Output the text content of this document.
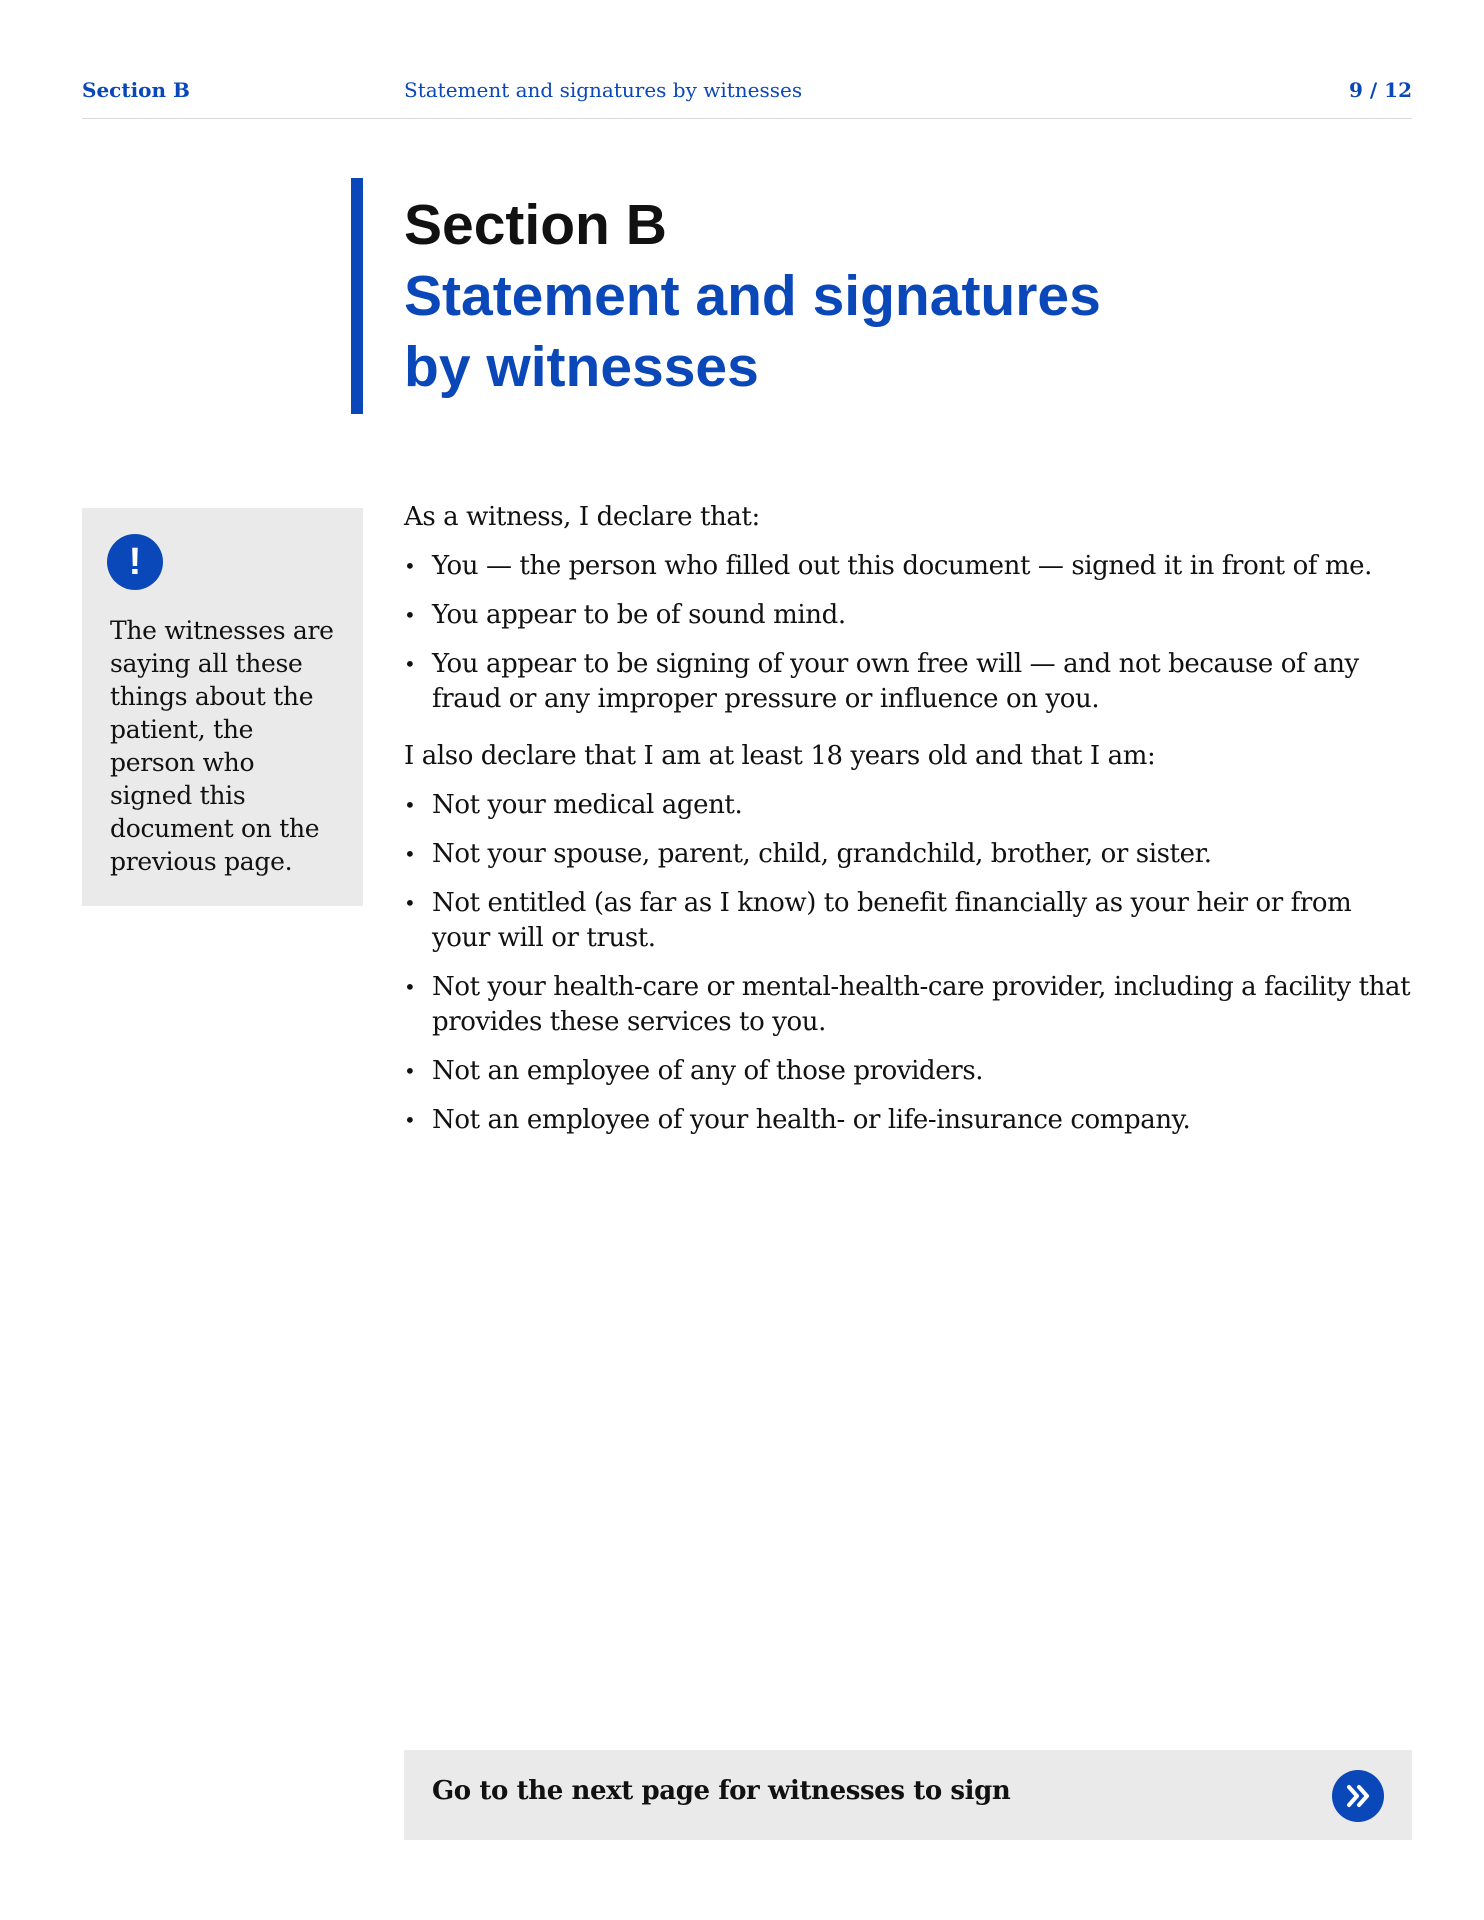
Section B	Statement and signatures by witnesses	9 / 12
Section B
Statement and signatures
by witnesses
!
The witnesses are saying all these things about the patient, the person who signed this document on the previous page.

As a witness, I declare that:

• You — the person who filled out this document — signed it in front of me.
• You appear to be of sound mind.
• You appear to be signing of your own free will — and not because of any fraud or any improper pressure or influence on you.

I also declare that I am at least 18 years old and that I am:

• Not your medical agent.
• Not your spouse, parent, child, grandchild, brother, or sister.
• Not entitled (as far as I know) to benefit financially as your heir or from your will or trust.
• Not your health-care or mental-health-care provider, including a facility that provides these services to you.
• Not an employee of any of those providers.
• Not an employee of your health- or life-insurance company.
Go to the next page for witnesses to sign
